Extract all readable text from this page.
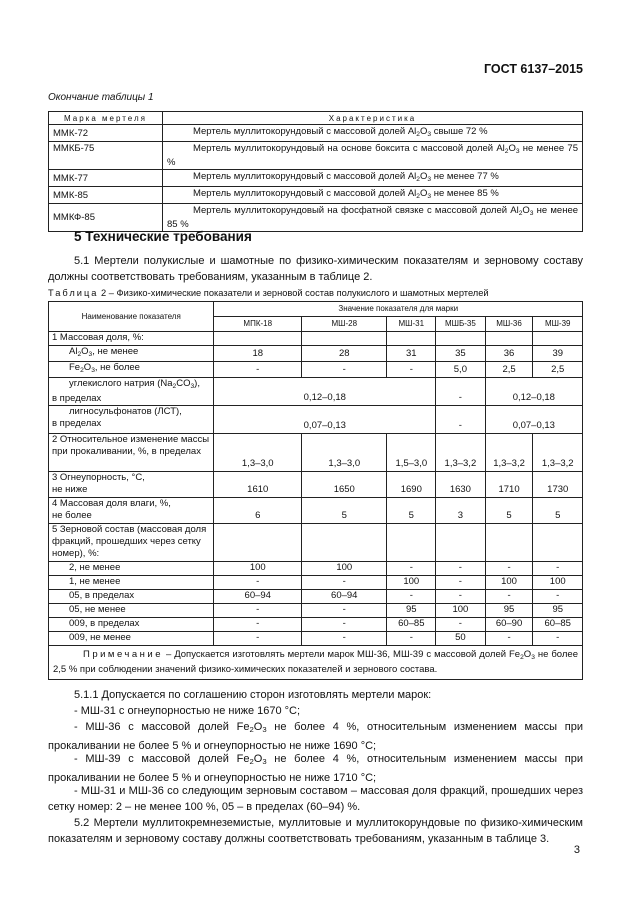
ГОСТ 6137–2015
Окончание таблицы 1
Марка мертеля	Характеристика
ММК-72	Мертель муллитокорундовый с массовой долей $Al_2O_3$ свыше 72 %
ММКБ-75	Мертель муллитокорундовый на основе боксита с массовой долей $Al_2O_3$ не менее 75 %
ММК-77	Мертель муллитокорундовый с массовой долей $Al_2O_3$ не менее 77 %
ММК-85	Мертель муллитокорундовый с массовой долей $Al_2O_3$ не менее 85 %
ММКФ-85	Мертель муллитокорундовый на фосфатной связке с массовой долей $Al_2O_3$ не менее 85 %
5 Технические требования
5.1 Мертели полукислые и шамотные по физико-химическим показателям и зерновому составу должны соответствовать требованиям, указанным в таблице 2.
Таблица 2 – Физико-химические показатели и зерновой состав полукислого и шамотных мертелей
Наименование показателя	Значение показателя для марки					
	МПК-18	МШ-28	МШ-31	МШБ-35	МШ-36	МШ-39
1 Массовая доля, %:						
$Al_2O_3$, не менее	18	28	31	35	36	39
$Fe_2O_3$, не более	-	-	-	5,0	2,5	2,5

углекислого натрия $(Na_2CO_3)$,
в пределах	0,12–0,18			-	0,12–0,18	

лигносульфонатов (ЛСТ),
в пределах	0,07–0,13			-	0,07–0,13	
2 Относительное изменение массы при прокаливании, %, в пределах	1,3–3,0	1,3–3,0	1,5–3,0	1,3–3,2	1,3–3,2	1,3–3,2

3 Огнеупорность, °С,
не ниже	1610	1650	1690	1630	1710	1730

4 Массовая доля влаги, %,
не более	6	5	5	3	5	5
5 Зерновой состав (массовая доля фракций, прошедших через сетку номер), %:						
2, не менее	100	100	-	-	-	-
1, не менее	-	-	100	-	100	100
05, в пределах	60–94	60–94	-	-	-	-
05, не менее	-	-	95	100	95	95
009, в пределах	-	-	60–85	-	60–90	60–85
009, не менее	-	-	-	50	-	-
Примечание – Допускается изготовлять мертели марок МШ-36, МШ-39 с массовой долей $Fe_2O_3$ не более 2,5 % при соблюдении значений физико-химических показателей и зернового состава.						
5.1.1 Допускается по соглашению сторон изготовлять мертели марок:
- МШ-31 с огнеупорностью не ниже 1670 °С;
- МШ-36 с массовой долей $Fe_2O_3$ не более 4 %, относительным изменением массы при прокаливании не более 5 % и огнеупорностью не ниже 1690 °С;
- МШ-39 с массовой долей $Fe_2O_3$ не более 4 %, относительным изменением массы при прокаливании не более 5 % и огнеупорностью не ниже 1710 °С;
- МШ-31 и МШ-36 со следующим зерновым составом – массовая доля фракций, прошедших через сетку номер: 2 – не менее 100 %, 05 – в пределах (60–94) %.
5.2 Мертели муллитокремнеземистые, муллитовые и муллитокорундовые по физико-химическим показателям и зерновому составу должны соответствовать требованиям, указанным в таблице 3.
3
